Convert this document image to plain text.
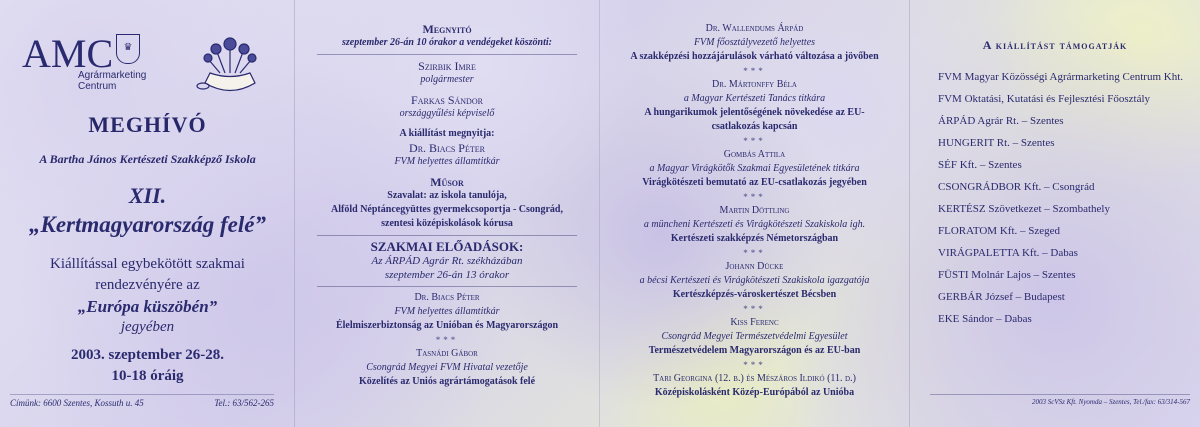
AMC	♛
Agrármarketing
Centrum
MEGHÍVÓ
A Bartha János Kertészeti Szakképző Iskola
XII.
„Kertmagyarország felé”
Kiállítással egybekötött szakmai
rendezvényére az
„Európa küszöbén”
jegyében
2003. szeptember 26-28.
10-18 óráig
Címünk: 6600 Szentes, Kossuth u. 45	Tel.: 63/562-265
Megnyitó
szeptember 26-án 10 órakor a vendégeket köszönti:
Szirbik Imre
polgármester
Farkas Sándor
országgyűlési képviselő
A kiállítást megnyitja:
Dr. Biacs Péter
FVM helyettes államtitkár
Műsor
Szavalat: az iskola tanulója,
Alföld Néptáncegyüttes gyermekcsoportja - Csongrád,
szentesi középiskolások kórusa
SZAKMAI ELŐADÁSOK:
Az ÁRPÁD Agrár Rt. székházában
szeptember 26-án 13 órakor
Dr. Biacs Péter
FVM helyettes államtitkár
Élelmiszerbiztonság az Unióban és Magyarországon
***
Tasnádi Gábor
Csongrád Megyei FVM Hivatal vezetője
Közelítés az Uniós agrártámogatások felé
Dr. Wallendums Árpád
FVM főosztályvezető helyettes
A szakképzési hozzájárulások várható változása a jövőben
***
Dr. Mártonffy Béla
a Magyar Kertészeti Tanács titkára
A hungarikumok jelentőségének növekedése az EU-csatlakozás kapcsán
***
Gombás Attila
a Magyar Virágkötők Szakmai Egyesületének titkára
Virágkötészeti bemutató az EU-csatlakozás jegyében
***
Martin Döttling
a müncheni Kertészeti és Virágkötészeti Szakiskola igh.
Kertészeti szakképzés Németországban
***
Johann Dücke
a bécsi Kertészeti és Virágkötészeti Szakiskola igazgatója
Kertészképzés-városkertészet Bécsben
***
Kiss Ferenc
Csongrád Megyei Természetvédelmi Egyesület
Természetvédelem Magyarországon és az EU-ban
***
Tari Georgina (12. b.) és Mészáros Ildikó (11. d.)
Középiskolásként Közép-Európából az Unióba
A kiállítást támogatják
FVM Magyar Közösségi Agrármarketing Centrum Kht.
FVM Oktatási, Kutatási és Fejlesztési Főosztály
ÁRPÁD Agrár Rt. – Szentes
HUNGERIT Rt. – Szentes
SÉF Kft. – Szentes
CSONGRÁDBOR Kft. – Csongrád
KERTÉSZ Szövetkezet – Szombathely
FLORATOM Kft. – Szeged
VIRÁGPALETTA Kft. – Dabas
FÜSTI Molnár Lajos – Szentes
GERBÁR József – Budapest
EKE Sándor – Dabas
2003 ScVSz Kft. Nyomda – Szentes, Tel./fax: 63/314-567
